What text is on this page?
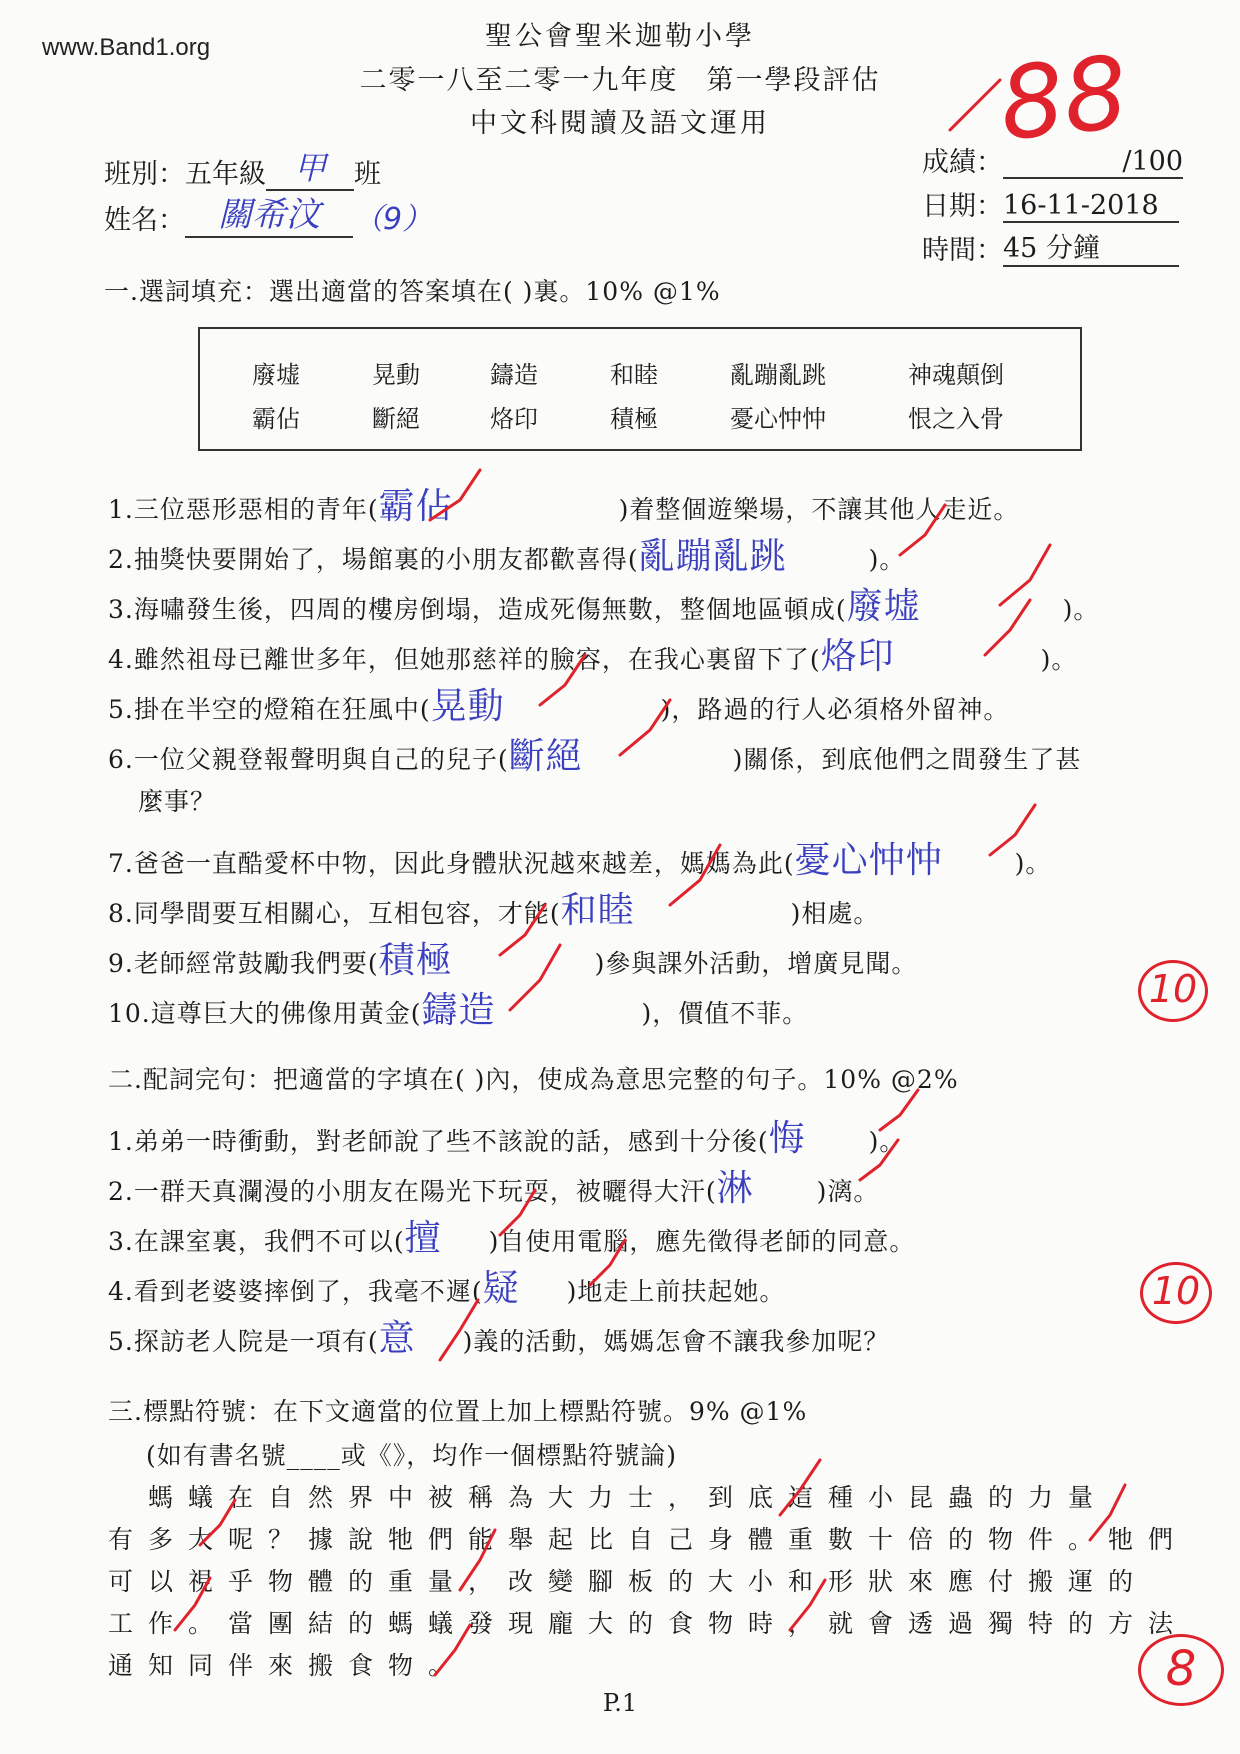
www.Band1.org	聖公會聖米迦勒小學
二零一八至二零一九年度 第一學段評估
中文科閱讀及語文運用
班別：五年級 甲 班
姓名： 關希汶 （9）
成績：	/100
88
日期：16-11-2018
時間：45 分鐘
一.選詞填充：選出適當的答案填在( )裏。10% @1%
廢墟	晃動	鑄造	和睦	亂蹦亂跳	神魂顛倒
霸佔	斷絕	烙印	積極	憂心忡忡	恨之入骨
1.三位惡形惡相的青年(霸佔	)着整個遊樂場，不讓其他人走近。
2.抽獎快要開始了，場館裏的小朋友都歡喜得(亂蹦亂跳	)。
3.海嘯發生後，四周的樓房倒塌，造成死傷無數，整個地區頓成(廢墟	)。
4.雖然祖母已離世多年，但她那慈祥的臉容，在我心裏留下了(烙印	)。
5.掛在半空的燈箱在狂風中(晃動	)，路過的行人必須格外留神。
6.一位父親登報聲明與自己的兒子(斷絕	)關係，到底他們之間發生了甚
麼事？
7.爸爸一直酷愛杯中物，因此身體狀況越來越差，媽媽為此(憂心忡忡	)。
8.同學間要互相關心，互相包容，才能(和睦	)相處。
9.老師經常鼓勵我們要(積極	)參與課外活動，增廣見聞。
10.這尊巨大的佛像用黃金(鑄造	)，價值不菲。
10
二.配詞完句：把適當的字填在( )內，使成為意思完整的句子。10% @2%
1.弟弟一時衝動，對老師說了些不該說的話，感到十分後(悔	)。
2.一群天真瀾漫的小朋友在陽光下玩耍，被曬得大汗(淋	)漓。
3.在課室裏，我們不可以(擅 )自使用電腦，應先徵得老師的同意。
4.看到老婆婆摔倒了，我毫不遲(疑 )地走上前扶起她。
5.探訪老人院是一項有(意 )義的活動，媽媽怎會不讓我參加呢？
10
三.標點符號：在下文適當的位置上加上標點符號。9% @1%
(如有書名號____或《》，均作一個標點符號論)
　螞蟻在自然界中被稱為大力士，到底這種小昆蟲的力量
有多大呢？據說牠們能舉起比自己身體重數十倍的物件。牠們
可以視乎物體的重量，改變腳板的大小和形狀來應付搬運的
工作。當團結的螞蟻發現龐大的食物時，就會透過獨特的方法
通知同伴來搬食物。	8
P.1
